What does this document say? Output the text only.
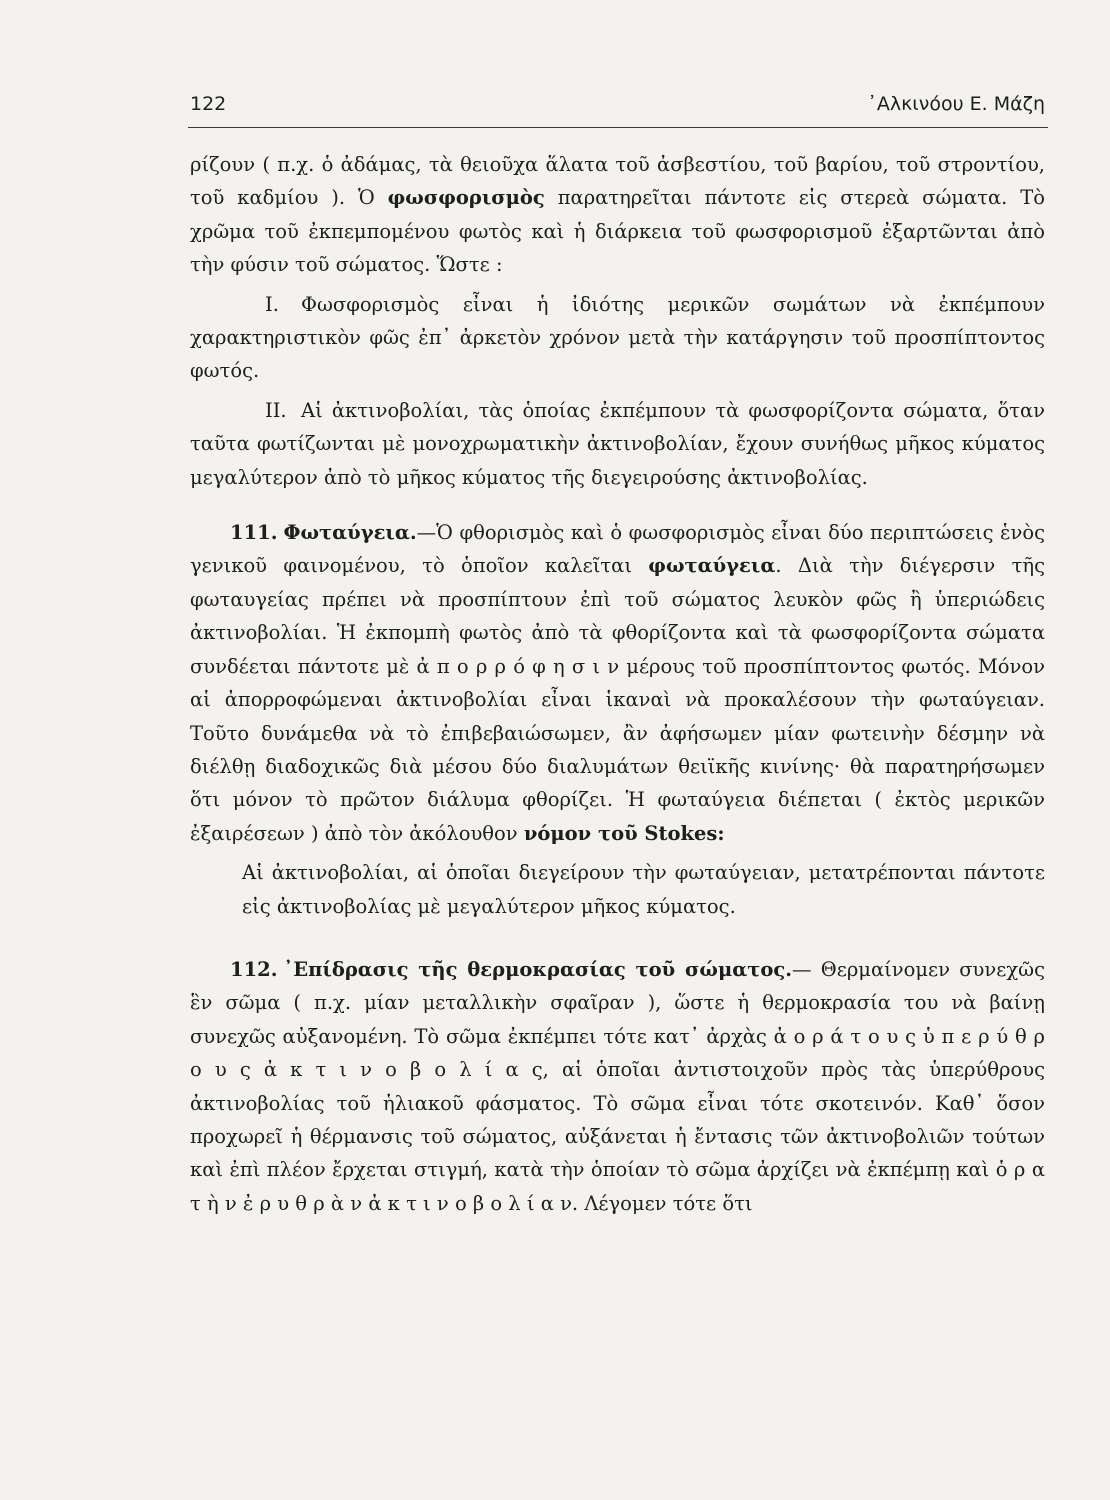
122	᾿Αλκινόου Ε. Μάζη

ρίζουν ( π.χ. ὁ ἀδάμας, τὰ θειοῦχα ἅλατα τοῦ ἀσβεστίου, τοῦ βαρίου, τοῦ στροντίου, τοῦ καδμίου ). Ὁ φωσφορισμὸς παρατηρεῖται πάντοτε εἰς στερεὰ σώματα. Τὸ χρῶμα τοῦ ἐκπεμπομένου φωτὸς καὶ ἡ διάρκεια τοῦ φωσφορισμοῦ ἐξαρτῶνται ἀπὸ τὴν φύσιν τοῦ σώματος. Ὥστε :

I. Φωσφορισμὸς εἶναι ἡ ἰδιότης μερικῶν σωμάτων νὰ ἐκπέμπουν χαρακτηριστικὸν φῶς ἐπ᾿ ἀρκετὸν χρόνον μετὰ τὴν κατάργησιν τοῦ προσπίπτοντος φωτός.

II. Αἱ ἀκτινοβολίαι, τὰς ὁποίας ἐκπέμπουν τὰ φωσφορίζοντα σώματα, ὅταν ταῦτα φωτίζωνται μὲ μονοχρωματικὴν ἀκτινοβολίαν, ἔχουν συνήθως μῆκος κύματος μεγαλύτερον ἀπὸ τὸ μῆκος κύματος τῆς διεγειρούσης ἀκτινοβολίας.

111. Φωταύγεια.—Ὁ φθορισμὸς καὶ ὁ φωσφορισμὸς εἶναι δύο περιπτώσεις ἑνὸς γενικοῦ φαινομένου, τὸ ὁποῖον καλεῖται φωταύγεια. Διὰ τὴν διέγερσιν τῆς φωταυγείας πρέπει νὰ προσπίπτουν ἐπὶ τοῦ σώματος λευκὸν φῶς ἢ ὑπεριώδεις ἀκτινοβολίαι. Ἡ ἐκπομπὴ φωτὸς ἀπὸ τὰ φθορίζοντα καὶ τὰ φωσφορίζοντα σώματα συνδέεται πάντοτε μὲ ἀ π ο ρ ρ ό φ η σ ι ν μέρους τοῦ προσπίπτοντος φωτός. Μόνον αἱ ἀπορροφώμεναι ἀκτινοβολίαι εἶναι ἱκαναὶ νὰ προκαλέσουν τὴν φωταύγειαν. Τοῦτο δυνάμεθα νὰ τὸ ἐπιβεβαιώσωμεν, ἂν ἀφήσωμεν μίαν φωτεινὴν δέσμην νὰ διέλθῃ διαδοχικῶς διὰ μέσου δύο διαλυμάτων θειϊκῆς κινίνης· θὰ παρατηρήσωμεν ὅτι μόνον τὸ πρῶτον διάλυμα φθορίζει. Ἡ φωταύγεια διέπεται ( ἐκτὸς μερικῶν ἐξαιρέσεων ) ἀπὸ τὸν ἀκόλουθον νόμον τοῦ Stokes:

Αἱ ἀκτινοβολίαι, αἱ ὁποῖαι διεγείρουν τὴν φωταύγειαν, μετατρέπονται πάντοτε εἰς ἀκτινοβολίας μὲ μεγαλύτερον μῆκος κύματος.

112. ᾿Επίδρασις τῆς θερμοκρασίας τοῦ σώματος.— Θερμαίνομεν συνεχῶς ἓν σῶμα ( π.χ. μίαν μεταλλικὴν σφαῖραν ), ὥστε ἡ θερμοκρασία του νὰ βαίνῃ συνεχῶς αὐξανομένη. Τὸ σῶμα ἐκπέμπει τότε κατ᾿ ἀρχὰς ἀ ο ρ ά τ ο υ ς ὑ π ε ρ ύ θ ρ ο υ ς ἀ κ τ ι ν ο β ο λ ί α ς, αἱ ὁποῖαι ἀντιστοιχοῦν πρὸς τὰς ὑπερύθρους ἀκτινοβολίας τοῦ ἡλιακοῦ φάσματος. Τὸ σῶμα εἶναι τότε σκοτεινόν. Καθ᾿ ὅσον προχωρεῖ ἡ θέρμανσις τοῦ σώματος, αὐξάνεται ἡ ἔντασις τῶν ἀκτινοβολιῶν τούτων καὶ ἐπὶ πλέον ἔρχεται στιγμή, κατὰ τὴν ὁποίαν τὸ σῶμα ἀρχίζει νὰ ἐκπέμπῃ καὶ ὁ ρ α τ ὴ ν ἐ ρ υ θ ρ ὰ ν ἀ κ τ ι ν ο β ο λ ί α ν. Λέγομεν τότε ὅτι
